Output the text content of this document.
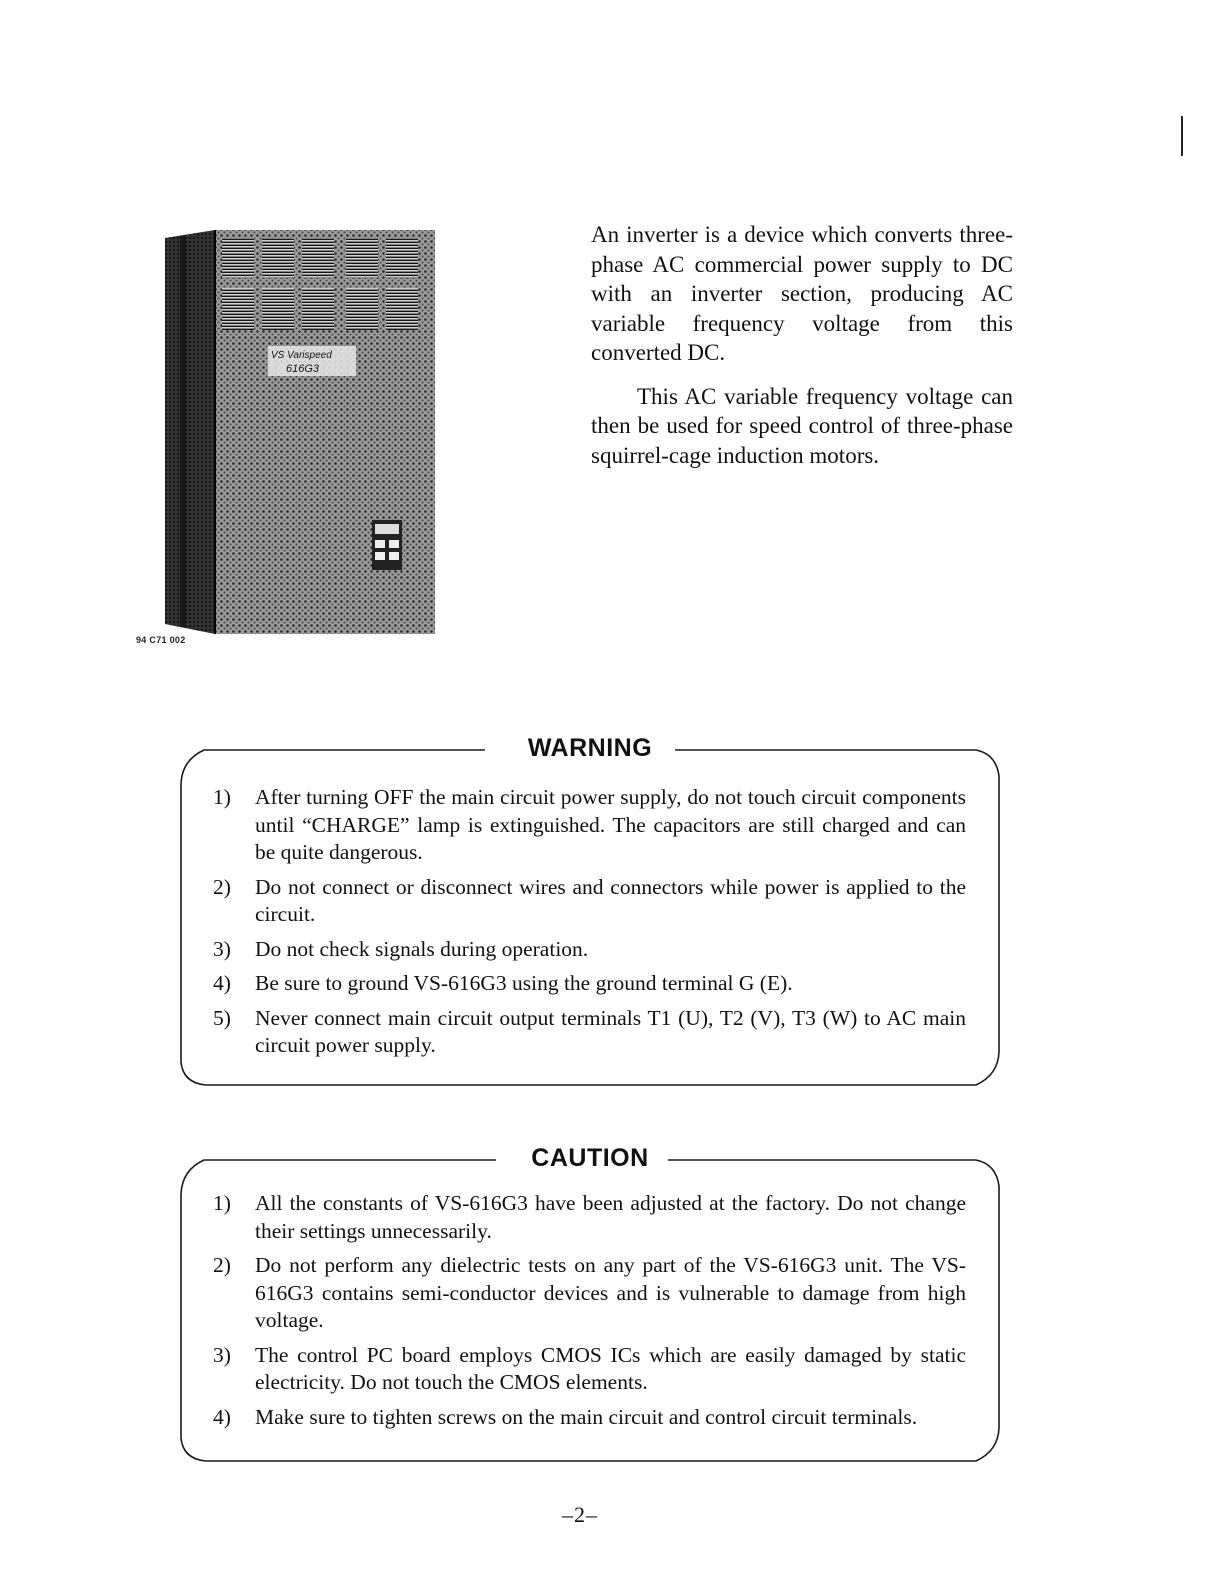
VS Varispeed
616G3
94 C71 002

An inverter is a device which converts three-phase AC commercial power supply to DC with an inverter section, producing AC variable frequency voltage from this converted DC.

This AC variable frequency voltage can then be used for speed control of three-phase squirrel-cage induction motors.

WARNING
1) After turning OFF the main circuit power supply, do not touch circuit components until “CHARGE” lamp is extinguished. The capacitors are still charged and can be quite dangerous.
2) Do not connect or disconnect wires and connectors while power is applied to the circuit.
3) Do not check signals during operation.
4) Be sure to ground VS-616G3 using the ground terminal G (E).
5) Never connect main circuit output terminals T1 (U), T2 (V), T3 (W) to AC main circuit power supply.
CAUTION
1) All the constants of VS-616G3 have been adjusted at the factory. Do not change their settings unnecessarily.
2) Do not perform any dielectric tests on any part of the VS-616G3 unit. The VS-616G3 contains semi-conductor devices and is vulnerable to damage from high voltage.
3) The control PC board employs CMOS ICs which are easily damaged by static electricity. Do not touch the CMOS elements.
4) Make sure to tighten screws on the main circuit and control circuit terminals.
–2–
